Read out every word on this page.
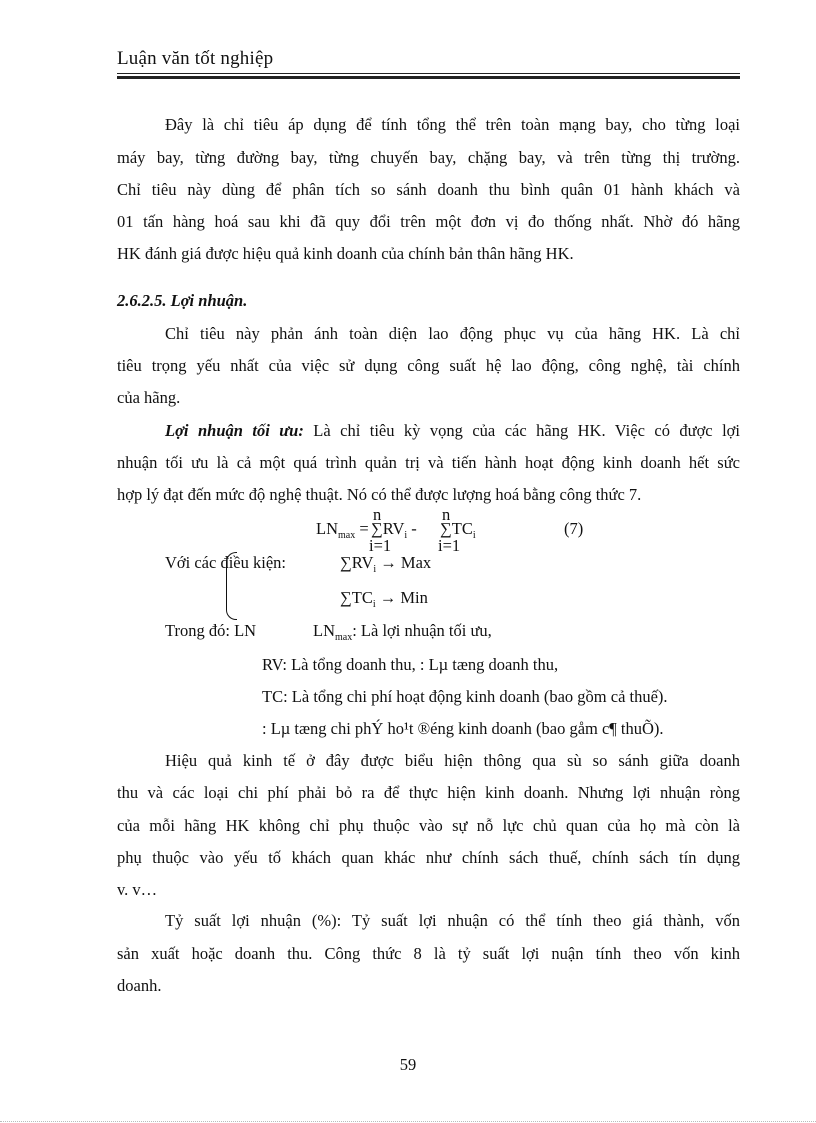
Luận văn tốt nghiệp
Đây là chỉ tiêu áp dụng để tính tổng thể trên toàn mạng bay, cho từng loại
máy bay, từng đường bay, từng chuyến bay, chặng bay, và trên từng thị trường.
Chỉ tiêu này dùng để phân tích so sánh doanh thu bình quân 01 hành khách và
01 tấn hàng hoá sau khi đã quy đổi trên một đơn vị đo thống nhất. Nhờ đó hãng
HK đánh giá được hiệu quả kinh doanh của chính bản thân hãng HK.
2.6.2.5. Lợi nhuận.
Chỉ tiêu này phản ánh toàn diện lao động phục vụ của hãng HK. Là chỉ
tiêu trọng yếu nhất của việc sử dụng công suất hệ lao động, công nghệ, tài chính
của hãng.
Lợi nhuận tối ưu: Là chỉ tiêu kỳ vọng của các hãng HK. Việc có được lợi
nhuận tối ưu là cả một quá trình quản trị và tiến hành hoạt động kinh doanh hết sức
hợp lý đạt đến mức độ nghệ thuật. Nó có thể được lượng hoá bằng công thức 7.
$LN_{max} = \sum RV_i - \sum TC_i$
n
i=1
n
i=1
(7)
Với các điều kiện:	$\sum RV_i$ → Max
$\sum TC_i$ → Min
Trong đó: LN	$LN_{max}$: Là lợi nhuận tối ưu,
RV: Là tổng doanh thu, : Lµ tæng doanh thu,
TC: Là tổng chi phí hoạt động kinh doanh (bao gồm cả thuế).
: Lµ tæng chi phÝ ho¹t ®éng kinh doanh (bao gåm c¶ thuÕ).
Hiệu quả kinh tế ở đây được biểu hiện thông qua sù so sánh giữa doanh
thu và các loại chi phí phải bỏ ra để thực hiện kinh doanh. Nhưng lợi nhuận ròng
của mỗi hãng HK không chỉ phụ thuộc vào sự nỗ lực chủ quan của họ mà còn là
phụ thuộc vào yếu tố khách quan khác như chính sách thuế, chính sách tín dụng
v. v…
Tỷ suất lợi nhuận (%): Tỷ suất lợi nhuận có thể tính theo giá thành, vốn
sản xuất hoặc doanh thu. Công thức 8 là tỷ suất lợi nuận tính theo vốn kinh
doanh.
59
